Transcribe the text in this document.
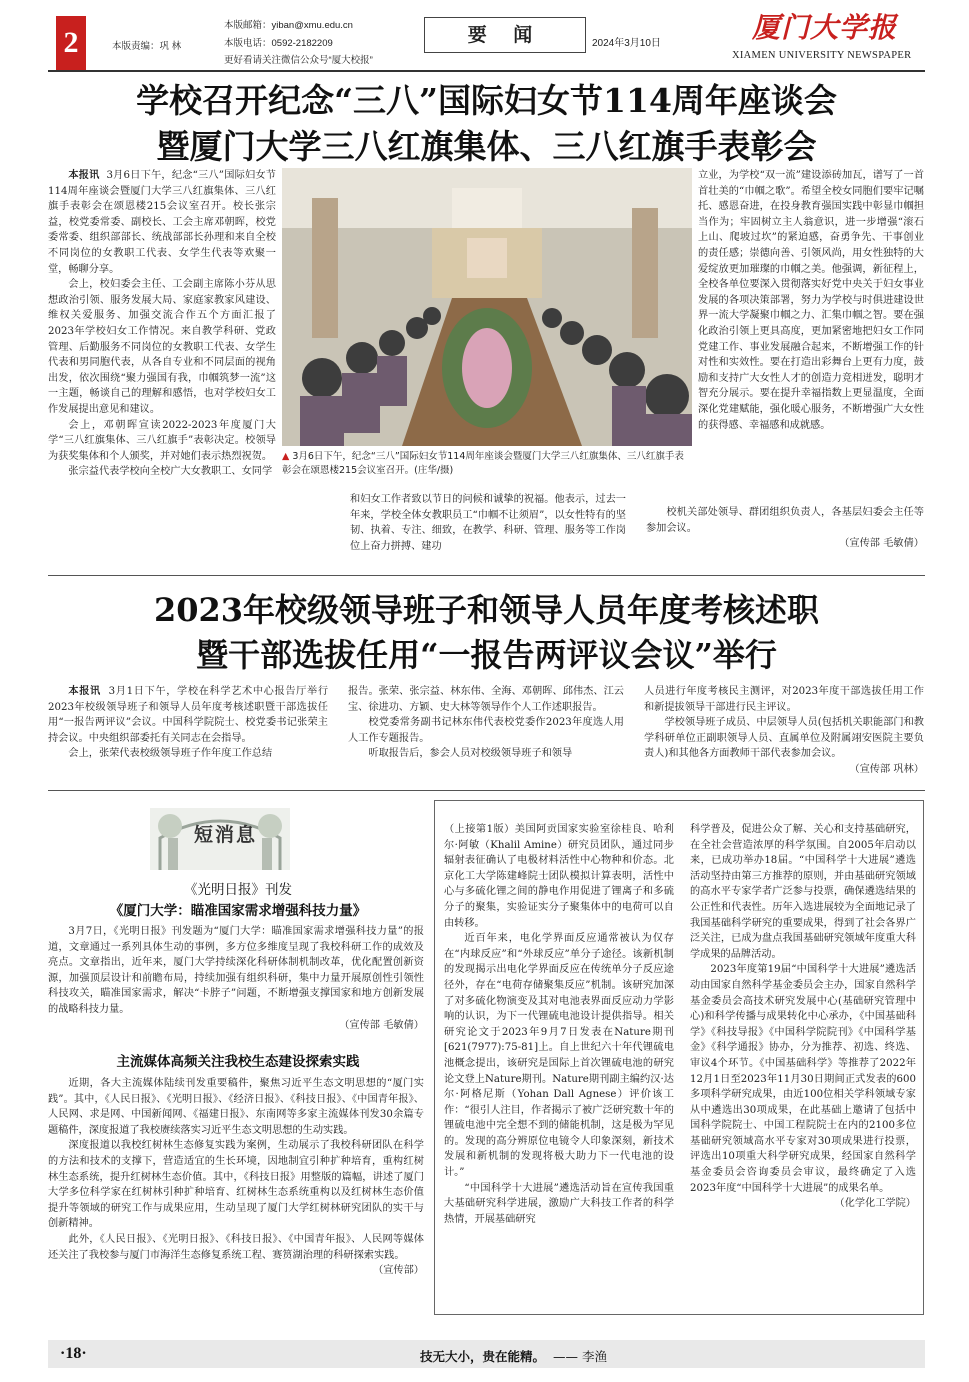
2	本版责编：巩 林
本版邮箱：yiban@xmu.edu.cn
本版电话：0592-2182209
更好看请关注微信公众号“厦大校报”
要 闻	2024年3月10日	厦门大学报
XIAMEN UNIVERSITY NEWSPAPER
学校召开纪念“三八”国际妇女节114周年座谈会
暨厦门大学三八红旗集体、三八红旗手表彰会

本报讯 3月6日下午，纪念“三八”国际妇女节114周年座谈会暨厦门大学三八红旗集体、三八红旗手表彰会在颂恩楼215会议室召开。校长张宗益，校党委常委、副校长、工会主席邓朝晖，校党委常委、组织部部长、统战部部长孙理和来自全校不同岗位的女教职工代表、女学生代表等欢聚一堂，畅聊分享。

会上，校妇委会主任、工会副主席陈小芬从思想政治引领、服务发展大局、家庭家教家风建设、维权关爱服务、加强交流合作五个方面汇报了2023年学校妇女工作情况。来自教学科研、党政管理、后勤服务不同岗位的女教职工代表、女学生代表和男同胞代表，从各自专业和不同层面的视角出发，依次围绕“聚力强国有我，巾帼筑梦一流”这一主题，畅谈自己的理解和感悟，也对学校妇女工作发展提出意见和建议。

会上，邓朝晖宣读2022-2023年度厦门大学“三八红旗集体、三八红旗手”表彰决定。校领导为获奖集体和个人颁奖，并对她们表示热烈祝贺。

张宗益代表学校向全校广大女教职工、女同学

▲ 3月6日下午，纪念“三八”国际妇女节114周年座谈会暨厦门大学三八红旗集体、三八红旗手表彰会在颂恩楼215会议室召开。(庄华/摄)

和妇女工作者致以节日的问候和诚挚的祝福。他表示，过去一年来，学校全体女教职员工“巾帼不让须眉”，以女性特有的坚韧、执着、专注、细致，在教学、科研、管理、服务等工作岗位上奋力拼搏、建功

立业，为学校“双一流”建设添砖加瓦，谱写了一首首壮美的“巾帼之歌”。希望全校女同胞们要牢记嘱托、感恩奋进，在投身教育强国实践中彰显巾帼担当作为；牢固树立主人翁意识，进一步增强“滚石上山、爬坡过坎”的紧迫感，奋勇争先、干事创业的责任感；崇德向善、引领风尚，用女性独特的大爱绽放更加璀璨的巾帼之美。他强调，新征程上，全校各单位要深入贯彻落实好党中央关于妇女事业发展的各项决策部署，努力为学校与时俱进建设世界一流大学凝聚巾帼之力、汇集巾帼之智。要在强化政治引领上更具高度，更加紧密地把妇女工作同党建工作、事业发展融合起来，不断增强工作的针对性和实效性。要在打造出彩舞台上更有力度，鼓励和支持广大女性人才的创造力竞相迸发，聪明才智充分展示。要在提升幸福指数上更显温度，全面深化党建赋能，强化暖心服务，不断增强广大女性的获得感、幸福感和成就感。

校机关部处领导、群团组织负责人，各基层妇委会主任等参加会议。

（宣传部 毛敏倩）

2023年校级领导班子和领导人员年度考核述职
暨干部选拔任用“一报告两评议会议”举行

本报讯 3月1日下午，学校在科学艺术中心报告厅举行2023年校级领导班子和领导人员年度考核述职暨干部选拔任用“一报告两评议”会议。中国科学院院士、校党委书记张荣主持会议。中央组织部委托有关同志在会指导。

会上，张荣代表校级领导班子作年度工作总结

报告。张荣、张宗益、林东伟、全海、邓朝晖、邱伟杰、江云宝、徐进功、方颖、史大林等领导作个人工作述职报告。

校党委常务副书记林东伟代表校党委作2023年度选人用人工作专题报告。

听取报告后，参会人员对校级领导班子和领导

人员进行年度考核民主测评，对2023年度干部选拔任用工作和新提拔领导干部进行民主评议。

学校领导班子成员、中层领导人员(包括机关职能部门和教学科研单位正副职领导人员、直属单位及附属翊安医院主要负责人)和其他各方面教师干部代表参加会议。

（宣传部 巩林）

短消息
《光明日报》刊发
《厦门大学：瞄准国家需求增强科技力量》

3月7日，《光明日报》刊发题为“厦门大学：瞄准国家需求增强科技力量”的报道，文章通过一系列具体生动的事例，多方位多维度呈现了我校科研工作的成效及亮点。文章指出，近年来，厦门大学持续深化科研体制机制改革，优化配置创新资源，加强顶层设计和前瞻布局，持续加强有组织科研，集中力量开展原创性引领性科技攻关，瞄准国家需求，解决“卡脖子”问题，不断增强支撑国家和地方创新发展的战略科技力量。

（宣传部 毛敏倩）

主流媒体高频关注我校生态建设探索实践

近期，各大主流媒体陆续刊发重要稿件，聚焦习近平生态文明思想的“厦门实践”。其中，《人民日报》、《光明日报》、《经济日报》、《科技日报》、《中国青年报》、人民网、求是网、中国新闻网、《福建日报》、东南网等多家主流媒体刊发30余篇专题稿件，深度报道了我校赓续落实习近平生态文明思想的生动实践。

深度报道以我校红树林生态修复实践为案例，生动展示了我校科研团队在科学的方法和技术的支撑下，营造适宜的生长环境，因地制宜引种扩种培育，重构红树林生态系统，提升红树林生态价值。其中，《科技日报》用整版的篇幅，讲述了厦门大学多位科学家在红树林引种扩种培育、红树林生态系统重构以及红树林生态价值提升等领域的研究工作与成果应用，生动呈现了厦门大学红树林研究团队的实干与创新精神。

此外，《人民日报》、《光明日报》、《科技日报》、《中国青年报》、人民网等媒体还关注了我校参与厦门市海洋生态修复系统工程、赛筼湖治理的科研探索实践。

（宣传部）

（上接第1版）美国阿贡国家实验室徐桂良、哈利尔·阿敏（Khalil Amine）研究员团队，通过同步辐射表征确认了电极材料活性中心物种和价态。北京化工大学陈建峰院士团队模拟计算表明，活性中心与多硫化锂之间的静电作用促进了锂离子和多硫分子的聚集，实验证实分子聚集体中的电荷可以自由转移。

近百年来，电化学界面反应通常被认为仅存在“内球反应”和“外球反应”单分子途径。该新机制的发现揭示出电化学界面反应在传统单分子反应途径外，存在“电荷存储聚集反应”机制。该研究加深了对多硫化物演变及其对电池表界面反应动力学影响的认识，为下一代锂硫电池设计提供指导。相关研究论文于2023年9月7日发表在Nature期刊[621(7977):75-81]上。自上世纪六十年代锂硫电池概念提出，该研究是国际上首次锂硫电池的研究论文登上Nature期刊。Nature期刊副主编约汉·达尔·阿格尼斯（Yohan Dall Agnese）评价该工作：“很引人注目，作者揭示了被广泛研究数十年的锂硫电池中完全想不到的储能机制，这是极为罕见的。发现的高分辨原位电镜令人印象深刻，新技术发展和新机制的发现将极大助力下一代电池的设计。”

“中国科学十大进展”遴选活动旨在宣传我国重大基础研究科学进展，激励广大科技工作者的科学热情，开展基础研究

科学普及，促进公众了解、关心和支持基础研究，在全社会营造浓厚的科学氛围。自2005年启动以来，已成功举办18届。“中国科学十大进展”遴选活动坚持由第三方推荐的原则，并由基础研究领域的高水平专家学者广泛参与投票，确保遴选结果的公正性和代表性。历年入选进展较为全面地记录了我国基础科学研究的重要成果，得到了社会各界广泛关注，已成为盘点我国基础研究领域年度重大科学成果的品牌活动。

2023年度第19届“中国科学十大进展”遴选活动由国家自然科学基金委员会主办，国家自然科学基金委员会高技术研究发展中心(基础研究管理中心)和科学传播与成果转化中心承办，《中国基础科学》《科技导报》《中国科学院院刊》《中国科学基金》《科学通报》协办，分为推荐、初选、终选、审议4个环节。《中国基础科学》等推荐了2022年12月1日至2023年11月30日期间正式发表的600多项科学研究成果，由近100位相关学科领域专家从中遴选出30项成果，在此基础上邀请了包括中国科学院院士、中国工程院院士在内的2100多位基础研究领域高水平专家对30项成果进行投票，评选出10项重大科学研究成果，经国家自然科学基金委员会咨询委员会审议，最终确定了入选2023年度“中国科学十大进展”的成果名单。

（化学化工学院）

·18·	技无大小，贵在能精。 —— 李渔
